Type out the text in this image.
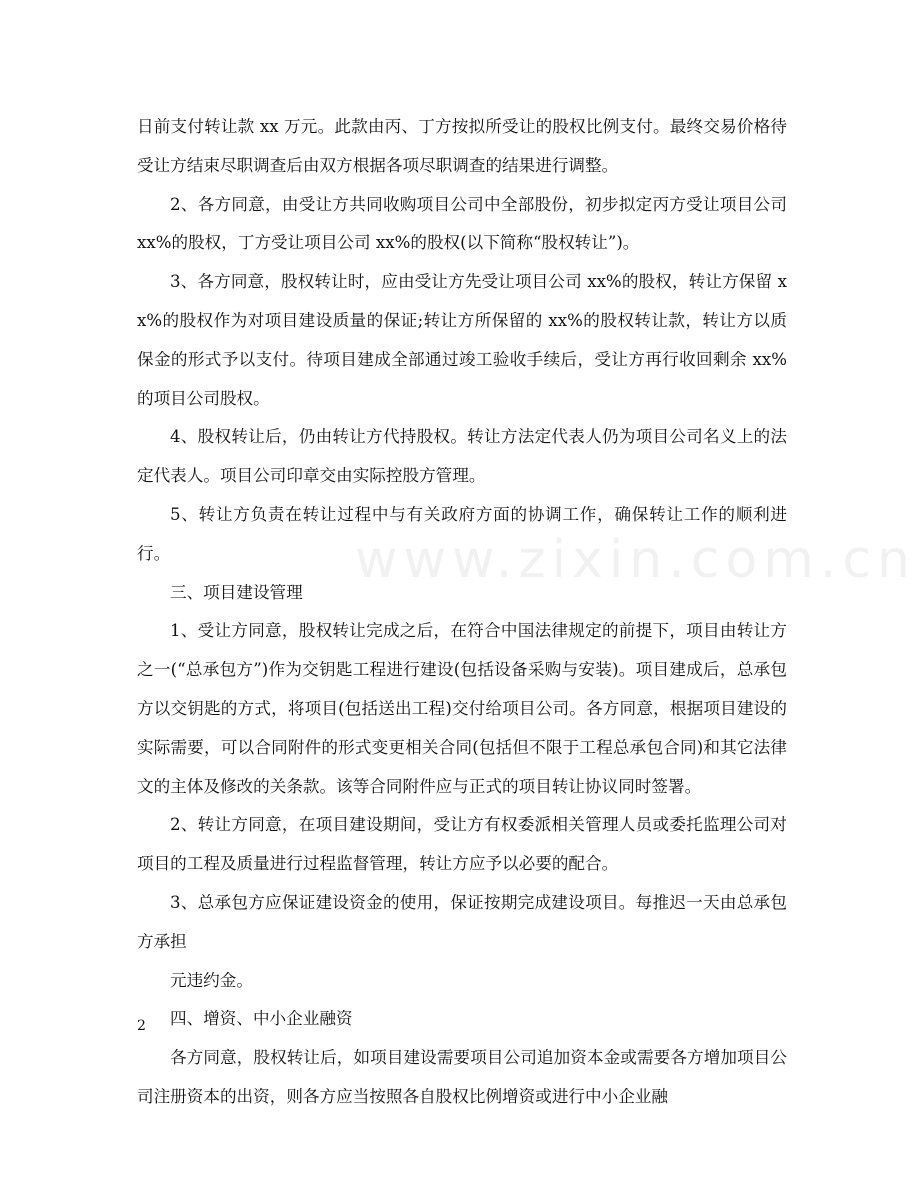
日前支付转让款 xx 万元。此款由丙、丁方按拟所受让的股权比例支付。最终交易价格待受让方结束尽职调查后由双方根据各项尽职调查的结果进行调整。

2、各方同意，由受让方共同收购项目公司中全部股份，初步拟定丙方受让项目公司 xx%的股权，丁方受让项目公司 xx%的股权(以下简称“股权转让”)。

3、各方同意，股权转让时，应由受让方先受让项目公司 xx%的股权，转让方保留 xx%的股权作为对项目建设质量的保证;转让方所保留的 xx%的股权转让款，转让方以质保金的形式予以支付。待项目建成全部通过竣工验收手续后，受让方再行收回剩余 xx%的项目公司股权。

4、股权转让后，仍由转让方代持股权。转让方法定代表人仍为项目公司名义上的法定代表人。项目公司印章交由实际控股方管理。

5、转让方负责在转让过程中与有关政府方面的协调工作，确保转让工作的顺利进行。

三、项目建设管理

1、受让方同意，股权转让完成之后，在符合中国法律规定的前提下，项目由转让方之一(“总承包方”)作为交钥匙工程进行建设(包括设备采购与安装)。项目建成后，总承包方以交钥匙的方式，将项目(包括送出工程)交付给项目公司。各方同意，根据项目建设的实际需要，可以合同附件的形式变更相关合同(包括但不限于工程总承包合同)和其它法律文的主体及修改的关条款。该等合同附件应与正式的项目转让协议同时签署。

2、转让方同意，在项目建设期间，受让方有权委派相关管理人员或委托监理公司对项目的工程及质量进行过程监督管理，转让方应予以必要的配合。

3、总承包方应保证建设资金的使用，保证按期完成建设项目。每推迟一天由总承包方承担

元违约金。

四、增资、中小企业融资

各方同意，股权转让后，如项目建设需要项目公司追加资本金或需要各方增加项目公司注册资本的出资，则各方应当按照各自股权比例增资或进行中小企业融

www.zixin.com.cn
2
